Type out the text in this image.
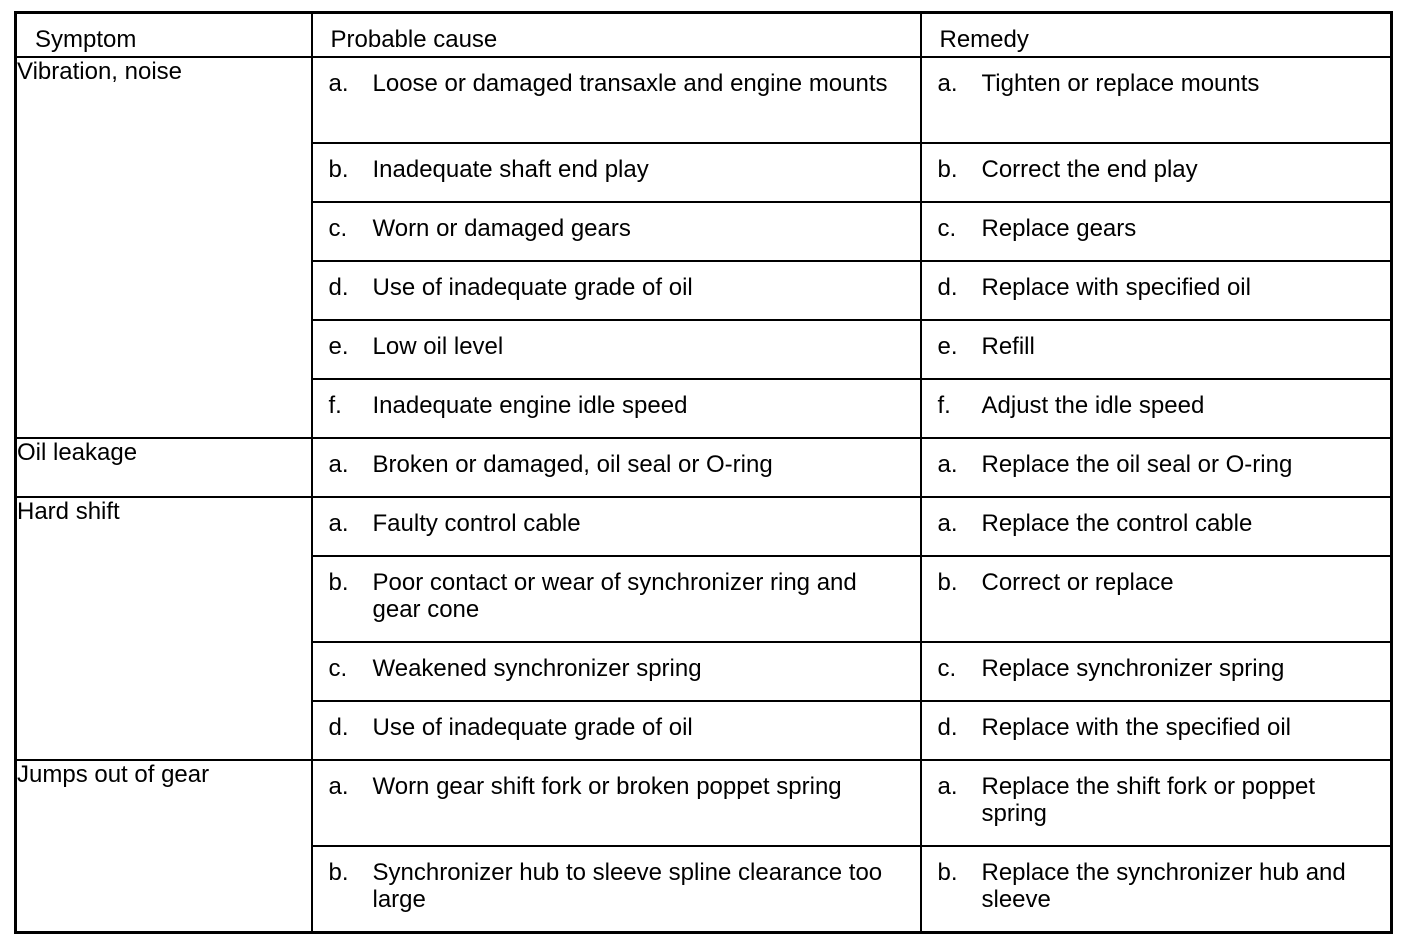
Symptom	Probable cause	Remedy

Vibration, noise	a. Loose or damaged transaxle and engine mounts	a. Tighten or replace mounts

	b. Inadequate shaft end play	b. Correct the end play

	c. Worn or damaged gears	c. Replace gears

	d. Use of inadequate grade of oil	d. Replace with specified oil

	e. Low oil level	e. Refill

	f. Inadequate engine idle speed	f. Adjust the idle speed

Oil leakage	a. Broken or damaged, oil seal or O-ring	a. Replace the oil seal or O-ring

Hard shift	a. Faulty control cable	a. Replace the control cable

	b. Poor contact or wear of synchronizer ring and gear cone	b. Correct or replace

	c. Weakened synchronizer spring	c. Replace synchronizer spring

	d. Use of inadequate grade of oil	d. Replace with the specified oil

Jumps out of gear	a. Worn gear shift fork or broken poppet spring	a. Replace the shift fork or poppet spring

	b. Synchronizer hub to sleeve spline clearance too large	b. Replace the synchronizer hub and sleeve
